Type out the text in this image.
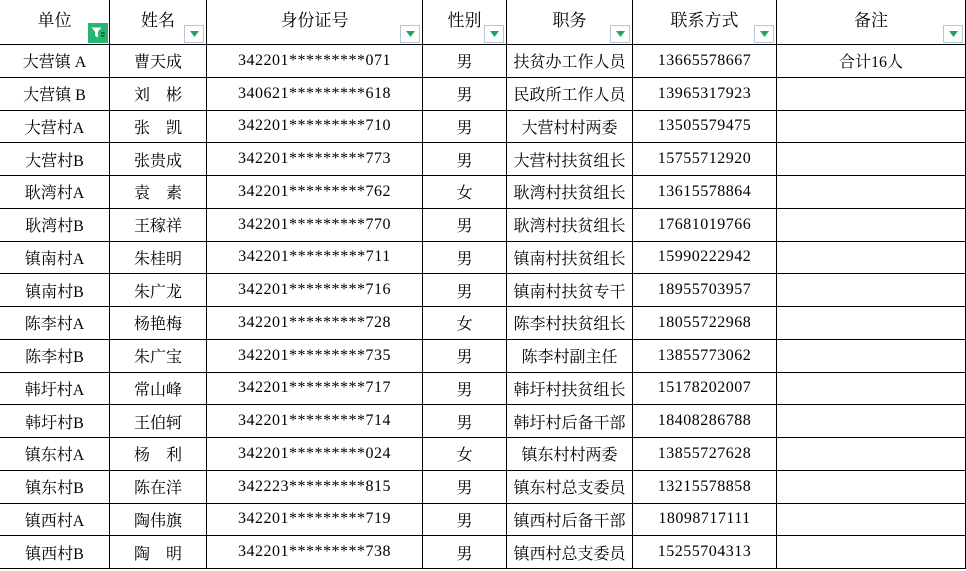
单位	姓名	身份证号	性别	职务	联系方式	备注

大营镇 A	曹天成	342201*********071	男	扶贫办工作人员	13665578667	合计16人
大营镇 B	刘　彬	340621*********618	男	民政所工作人员	13965317923	
大营村A	张　凯	342201*********710	男	大营村村两委	13505579475	
大营村B	张贵成	342201*********773	男	大营村扶贫组长	15755712920	
耿湾村A	袁　素	342201*********762	女	耿湾村扶贫组长	13615578864	
耿湾村B	王稼祥	342201*********770	男	耿湾村扶贫组长	17681019766	
镇南村A	朱桂明	342201*********711	男	镇南村扶贫组长	15990222942	
镇南村B	朱广龙	342201*********716	男	镇南村扶贫专干	18955703957	
陈李村A	杨艳梅	342201*********728	女	陈李村扶贫组长	18055722968	
陈李村B	朱广宝	342201*********735	男	陈李村副主任	13855773062	
韩圩村A	常山峰	342201*********717	男	韩圩村扶贫组长	15178202007	
韩圩村B	王伯轲	342201*********714	男	韩圩村后备干部	18408286788	
镇东村A	杨　利	342201*********024	女	镇东村村两委	13855727628	
镇东村B	陈在洋	342223*********815	男	镇东村总支委员	13215578858	
镇西村A	陶伟旗	342201*********719	男	镇西村后备干部	18098717111	
镇西村B	陶　明	342201*********738	男	镇西村总支委员	15255704313	
